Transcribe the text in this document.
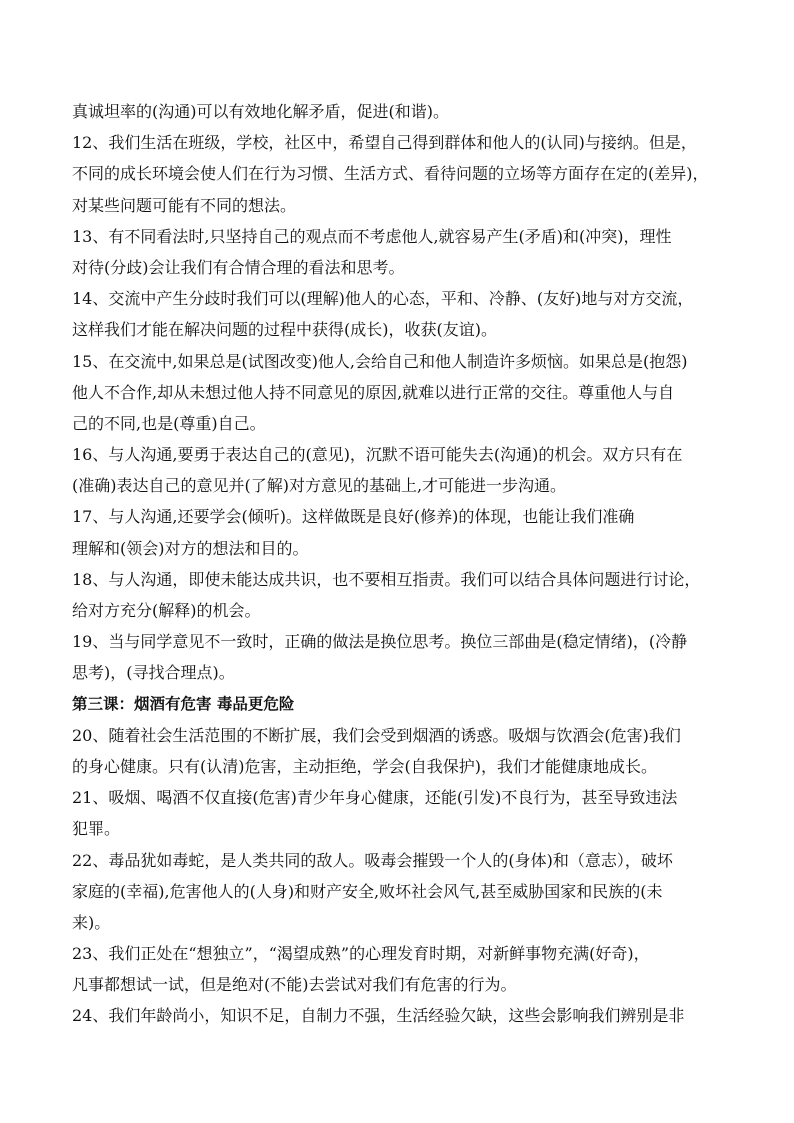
真诚坦率的(沟通)可以有效地化解矛盾，促进(和谐)。
12、我们生活在班级，学校，社区中，希望自己得到群体和他人的(认同)与接纳。但是，
不同的成长环境会使人们在行为习惯、生活方式、看待问题的立场等方面存在定的(差异)，
对某些问题可能有不同的想法。
13、有不同看法时,只坚持自己的观点而不考虑他人,就容易产生(矛盾)和(冲突)，理性
对待(分歧)会让我们有合情合理的看法和思考。
14、交流中产生分歧时我们可以(理解)他人的心态，平和、冷静、(友好)地与对方交流，
这样我们才能在解决问题的过程中获得(成长)，收获(友谊)。
15、在交流中,如果总是(试图改变)他人,会给自己和他人制造许多烦恼。如果总是(抱怨)
他人不合作,却从未想过他人持不同意见的原因,就难以进行正常的交往。尊重他人与自
己的不同,也是(尊重)自己。
16、与人沟通,要勇于表达自己的(意见)，沉默不语可能失去(沟通)的机会。双方只有在
(准确)表达自己的意见并(了解)对方意见的基础上,才可能进一步沟通。
17、与人沟通,还要学会(倾听)。这样做既是良好(修养)的体现，也能让我们准确
理解和(领会)对方的想法和目的。
18、与人沟通，即使未能达成共识，也不要相互指责。我们可以结合具体问题进行讨论，
给对方充分(解释)的机会。
19、当与同学意见不一致时，正确的做法是换位思考。换位三部曲是(稳定情绪)，(冷静
思考)，(寻找合理点)。
第三课：烟酒有危害 毒品更危险
20、随着社会生活范围的不断扩展，我们会受到烟酒的诱惑。吸烟与饮酒会(危害)我们
的身心健康。只有(认清)危害，主动拒绝，学会(自我保护)，我们才能健康地成长。
21、吸烟、喝酒不仅直接(危害)青少年身心健康，还能(引发)不良行为，甚至导致违法
犯罪。
22、毒品犹如毒蛇，是人类共同的敌人。吸毒会摧毁一个人的(身体)和（意志），破坏
家庭的(幸福),危害他人的(人身)和财产安全,败坏社会风气,甚至威胁国家和民族的(未
来)。
23、我们正处在“想独立”，“渴望成熟”的心理发育时期，对新鲜事物充满(好奇)，
凡事都想试一试，但是绝对(不能)去尝试对我们有危害的行为。
24、我们年龄尚小，知识不足，自制力不强，生活经验欠缺，这些会影响我们辨别是非
